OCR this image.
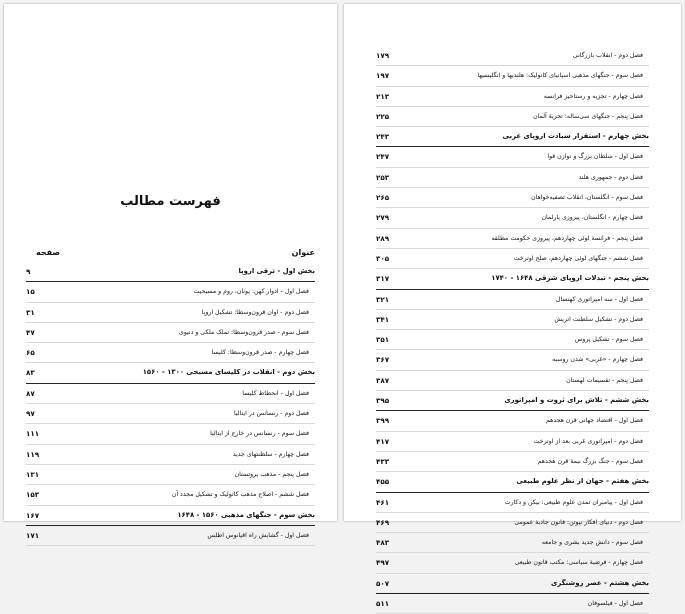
فهرست مطالب
عنوان
صفحه
بخش اول - ترقی اروپا
۹
فصل اول - ادوار کهن: یونان، روم و مسیحیت
۱۵
فصل دوم - اوان قرون‌وسطا: تشکیل اروپا
۳۱
فصل سوم - صدر قرون‌وسطا: تملک ملکی و دنیوی
۴۷
فصل چهارم - صدر قرون‌وسطا: کلیسا
۶۵
بخش دوم - انقلاب در کلیسای مسیحی ۱۳۰۰ - ۱۵۶۰
۸۳
فصل اول - انحطاط کلیسا
۸۷
فصل دوم - رنسانس در ایتالیا
۹۷
فصل سوم - رنسانس در خارج از ایتالیا
۱۱۱
فصل چهارم - سلطنتهای جدید
۱۱۹
فصل پنجم - مذهب پروتستان
۱۳۱
فصل ششم - اصلاح مذهب کاتولیک و تشکیل مجدد آن
۱۵۳
بخش سوم - جنگهای مذهبی ۱۵۶۰ - ۱۶۴۸
۱۶۷
فصل اول - گشایش راه اقیانوس اطلس
۱۷۱
فصل دوم - انقلاب بازرگانی
۱۷۹
فصل سوم - جنگهای مذهبی اسپانیای کاتولیک: هلندیها و انگلیسیها
۱۹۷
فصل چهارم - تجزیه و رستاخیز فرانسه
۲۱۳
فصل پنجم - جنگهای سی‌ساله: تجزیهٔ آلمان
۲۲۵
بخش چهارم - استقرار سیادت اروپای غربی
۲۴۳
فصل اول - سلطان بزرگ و توازن قوا
۲۴۷
فصل دوم - جمهوری هلند
۲۵۳
فصل سوم - انگلستان، انقلاب تصفیه‌خواهان
۲۶۵
فصل چهارم - انگلستان، پیروزی پارلمان
۲۷۹
فصل پنجم - فرانسهٔ لوئی چهاردهم، پیروزی حکومت مطلقه
۲۸۹
فصل ششم - جنگهای لوئی چهاردهم، صلح اوترخت
۳۰۵
بخش پنجم - تبدلات اروپای شرقی ۱۶۴۸ - ۱۷۴۰
۳۱۷
فصل اول - سه امپراتوری کهنسال
۳۲۱
فصل دوم - تشکیل سلطنت اتریش
۳۴۱
فصل سوم - تشکیل پروس
۳۵۱
فصل چهارم - «غربی» شدن روسیه
۳۶۷
فصل پنجم - تقسیمات لهستان
۳۸۷
بخش ششم - تلاش برای ثروت و امپراتوری
۳۹۵
فصل اول - اقتصاد جهانی قرن هجدهم
۳۹۹
فصل دوم - امپراتوری غربی بعد از اوترخت
۴۱۷
فصل سوم - جنگ بزرگ نیمهٔ قرن هجدهم
۴۳۳
بخش هفتم - جهان از نظر علوم طبیعی
۴۵۵
فصل اول - پیامبران تمدن علوم طبیعی: بیکن و دکارت
۴۶۱
فصل دوم - دنیای افکار نیوتن: قانون جاذبهٔ عمومی
۴۶۹
فصل سوم - دانش جدید بشری و جامعه
۴۸۳
فصل چهارم - فرضیهٔ سیاسی: مکتب قانون طبیعی
۴۹۷
بخش هشتم - عصر روشنگری
۵۰۷
فصل اول - فیلسوفان
۵۱۱
